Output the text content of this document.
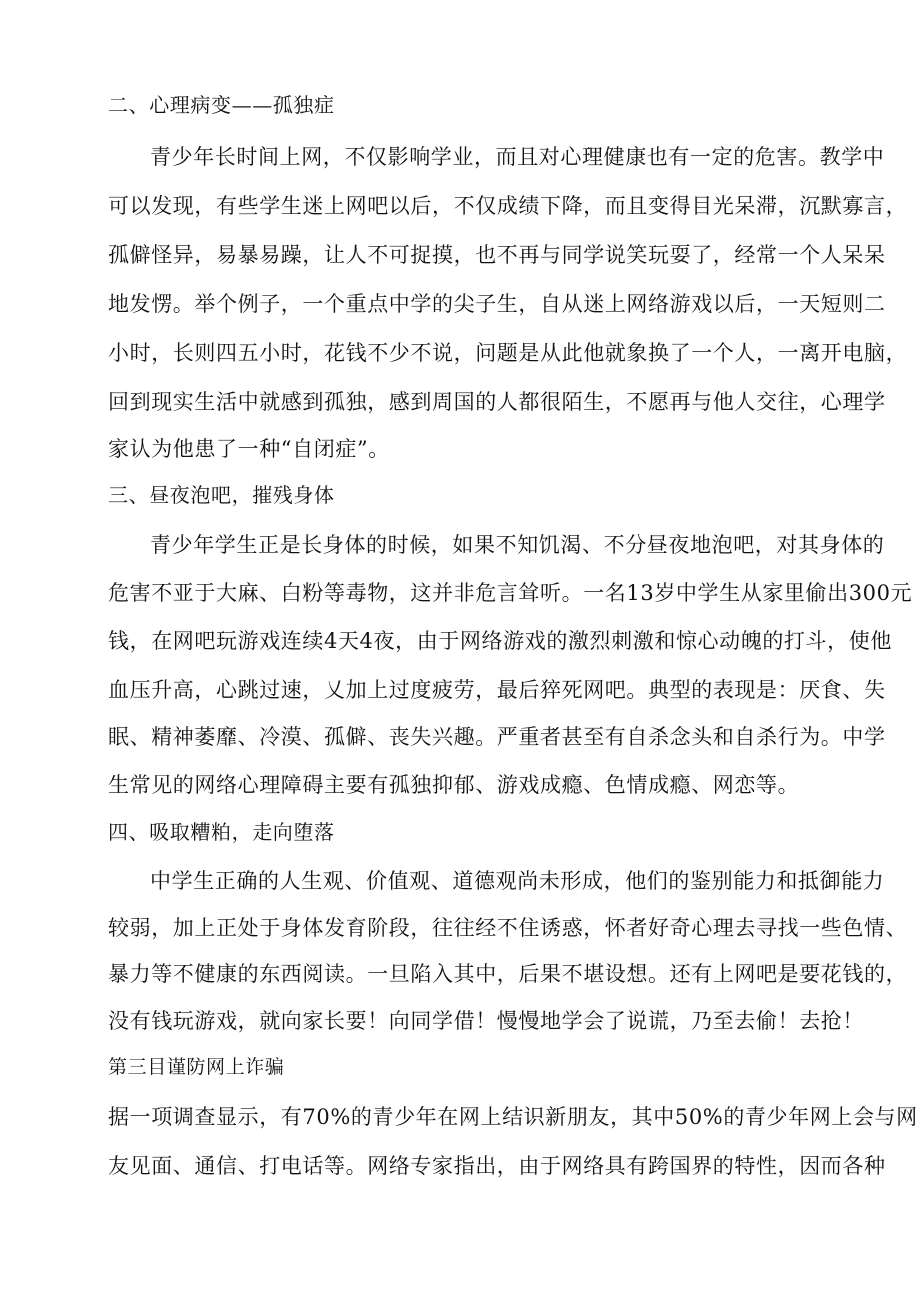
二、心理病变——孤独症
青少年长时间上网，不仅影响学业，而且对心理健康也有一定的危害。教学中
可以发现，有些学生迷上网吧以后，不仅成绩下降，而且变得目光呆滞，沉默寡言，
孤僻怪异，易暴易躁，让人不可捉摸，也不再与同学说笑玩耍了，经常一个人呆呆
地发愣。举个例子，一个重点中学的尖子生，自从迷上网络游戏以后，一天短则二
小时，长则四五小时，花钱不少不说，问题是从此他就象换了一个人，一离开电脑，
回到现实生活中就感到孤独，感到周国的人都很陌生，不愿再与他人交往，心理学
家认为他患了一种“自闭症”。
三、昼夜泡吧，摧残身体
青少年学生正是长身体的时候，如果不知饥渴、不分昼夜地泡吧，对其身体的
危害不亚于大麻、白粉等毒物，这并非危言耸听。一名13岁中学生从家里偷出300元
钱，在网吧玩游戏连续4天4夜，由于网络游戏的激烈刺激和惊心动魄的打斗，使他
血压升高，心跳过速，乂加上过度疲劳，最后猝死网吧。典型的表现是：厌食、失
眠、精神萎靡、冷漠、孤僻、丧失兴趣。严重者甚至有自杀念头和自杀行为。中学
生常见的网络心理障碍主要有孤独抑郁、游戏成瘾、色情成瘾、网恋等。
四、吸取糟粕，走向堕落
中学生正确的人生观、价值观、道德观尚未形成，他们的鉴别能力和抵御能力
较弱，加上正处于身体发育阶段，往往经不住诱惑，怀者好奇心理去寻找一些色情、
暴力等不健康的东西阅读。一旦陷入其中，后果不堪设想。还有上网吧是要花钱的，
没有钱玩游戏，就向家长要！向同学借！慢慢地学会了说谎，乃至去偷！去抢！
第三目谨防网上诈骗
据一项调查显示，有70%的青少年在网上结识新朋友，其中50%的青少年网上会与网
友见面、通信、打电话等。网络专家指出，由于网络具有跨国界的特性，因而各种
